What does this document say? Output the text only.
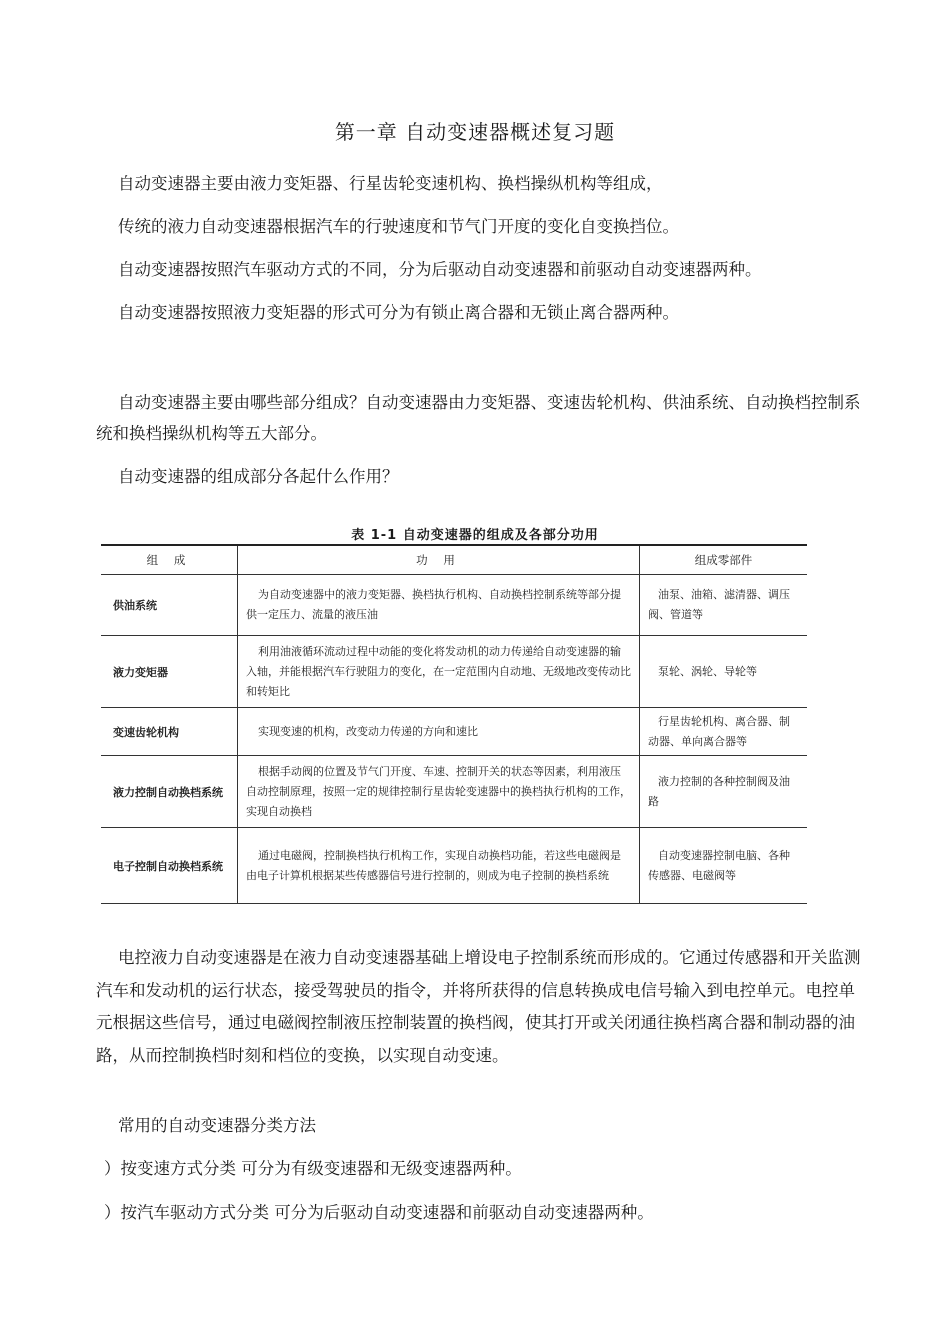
第一章 自动变速器概述复习题

自动变速器主要由液力变矩器、行星齿轮变速机构、换档操纵机构等组成，

传统的液力自动变速器根据汽车的行驶速度和节气门开度的变化自变换挡位。

自动变速器按照汽车驱动方式的不同，分为后驱动自动变速器和前驱动自动变速器两种。

自动变速器按照液力变矩器的形式可分为有锁止离合器和无锁止离合器两种。

自动变速器主要由哪些部分组成？自动变速器由力变矩器、变速齿轮机构、供油系统、自动换档控制系统和换档操纵机构等五大部分。

自动变速器的组成部分各起什么作用？

表 1-1 自动变速器的组成及各部分功用
组 成	功 用	组成零部件
供油系统	为自动变速器中的液力变矩器、换档执行机构、自动换档控制系统等部分提供一定压力、流量的液压油	油泵、油箱、滤清器、调压阀、管道等
液力变矩器	利用油液循环流动过程中动能的变化将发动机的动力传递给自动变速器的输入轴，并能根据汽车行驶阻力的变化，在一定范围内自动地、无级地改变传动比和转矩比	泵轮、涡轮、导轮等
变速齿轮机构	实现变速的机构，改变动力传递的方向和速比	行星齿轮机构、离合器、制动器、单向离合器等
液力控制自动换档系统	根据手动阀的位置及节气门开度、车速、控制开关的状态等因素，利用液压自动控制原理，按照一定的规律控制行星齿轮变速器中的换档执行机构的工作，实现自动换档	液力控制的各种控制阀及油路
电子控制自动换档系统	通过电磁阀，控制换档执行机构工作，实现自动换档功能，若这些电磁阀是由电子计算机根据某些传感器信号进行控制的，则成为电子控制的换档系统	自动变速器控制电脑、各种传感器、电磁阀等

电控液力自动变速器是在液力自动变速器基础上增设电子控制系统而形成的。它通过传感器和开关监测汽车和发动机的运行状态，接受驾驶员的指令，并将所获得的信息转换成电信号输入到电控单元。电控单元根据这些信号，通过电磁阀控制液压控制装置的换档阀，使其打开或关闭通往换档离合器和制动器的油路，从而控制换档时刻和档位的变换，以实现自动变速。

常用的自动变速器分类方法

）按变速方式分类 可分为有级变速器和无级变速器两种。

）按汽车驱动方式分类 可分为后驱动自动变速器和前驱动自动变速器两种。
